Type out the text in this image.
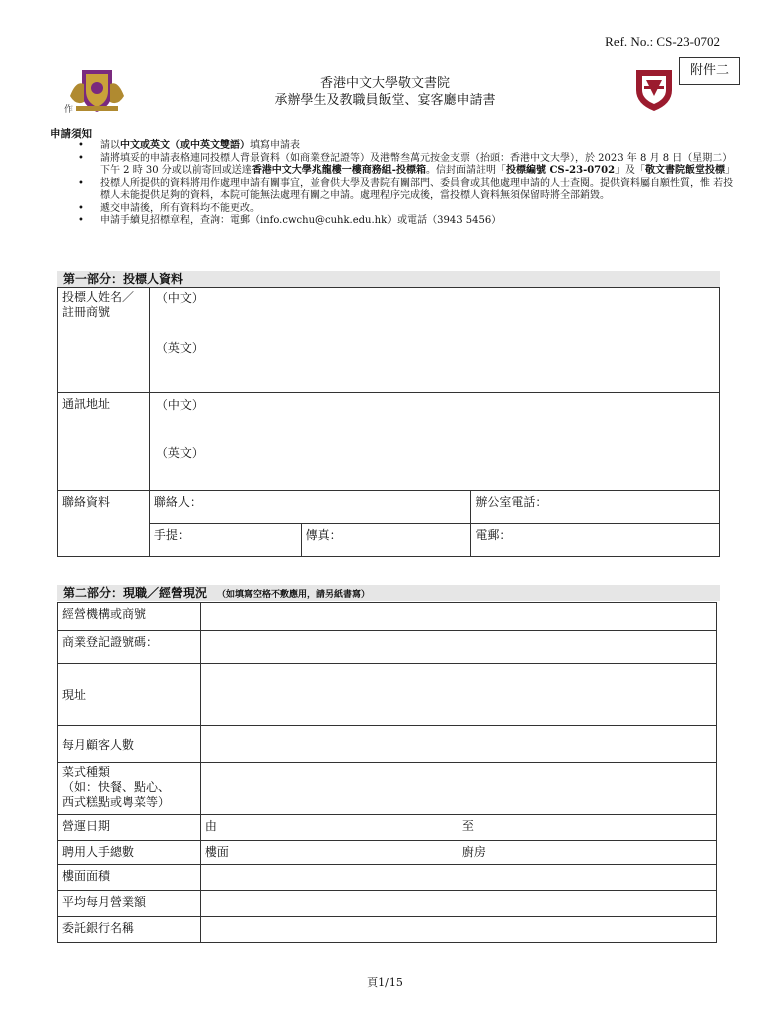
Ref. No.: CS-23-0702
附件二
作
香港中文大學敬文書院
承辦學生及教職員飯堂、宴客廳申請書
申請須知
• 請以中文或英文（或中英文雙語）填寫申請表
• 請將填妥的申請表格連同投標人背景資料（如商業登記證等）及港幣叁萬元按金支票（抬頭：香港中文大學），於 2023 年 8 月 8 日（星期二）下午 2 時 30 分或以前寄回或送達香港中文大學兆龍樓一樓商務組-投標箱。信封面請註明「投標編號 CS-23-0702」及「敬文書院飯堂投標」
• 投標人所提供的資料將用作處理申請有關事宜，並會供大學及書院有關部門、委員會或其他處理申請的人士查閱。提供資料屬自願性質，惟 若投標人未能提供足夠的資料，本院可能無法處理有關之申請。處理程序完成後，當投標人資料無須保留時將全部銷毀。
• 遞交申請後，所有資料均不能更改。
• 申請手續見招標章程，查詢：電郵（info.cwchu@cuhk.edu.hk）或電話（3943 5456）
第一部分：投標人資料
投標人姓名／註冊商號	（中文）
（英文）		

通訊地址	（中文）
（英文）		

聯絡資料	聯絡人：		辦公室電話：
	手提：	傳真：	電郵：
第二部分：現職／經營現況 （如填寫空格不敷應用，請另紙書寫）
經營機構或商號		
商業登記證號碼：		
現址		
每月顧客人數		

菜式種類
（如：快餐、點心、
西式糕點或粵菜等）		

營運日期	由	至
聘用人手總數	樓面	廚房
樓面面積		
平均每月營業額		
委託銀行名稱		
頁1/15
